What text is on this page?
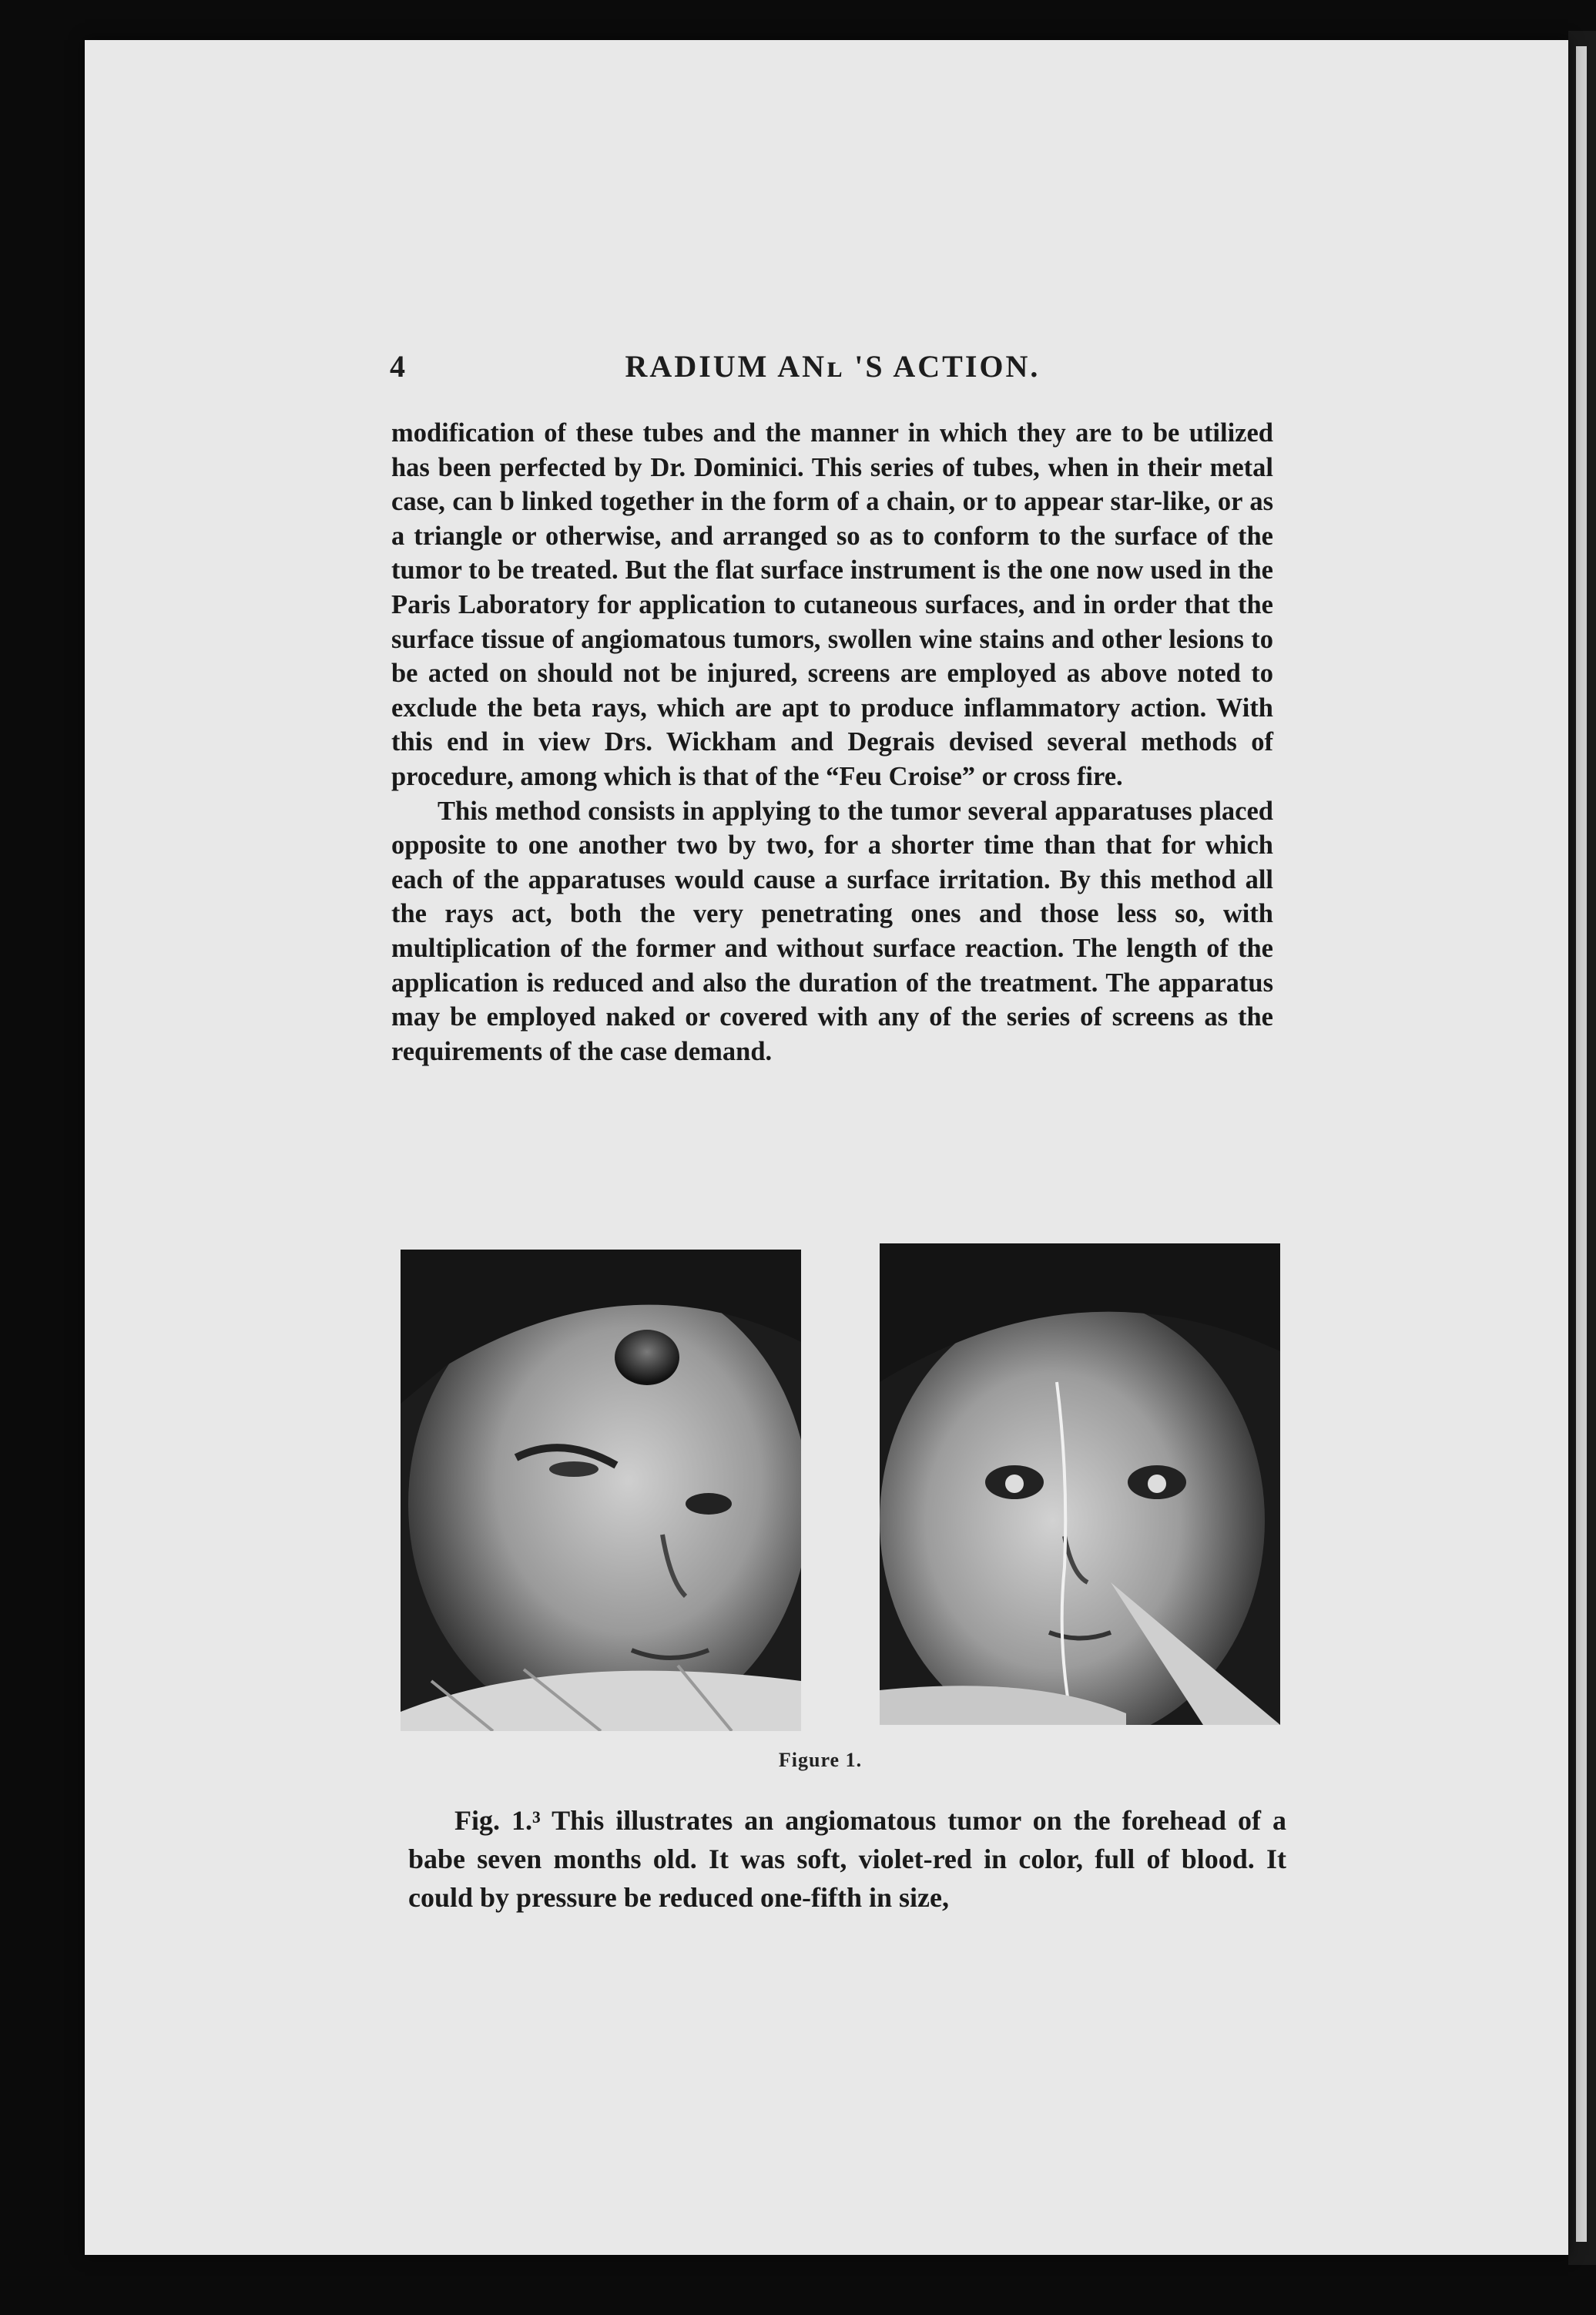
4	RADIUM ANʟ 'S ACTION.

modification of these tubes and the manner in which they are to be utilized has been perfected by Dr. Dominici. This series of tubes, when in their metal case, can b linked together in the form of a chain, or to appear star-like, or as a triangle or otherwise, and arranged so as to conform to the surface of the tumor to be treated. But the flat surface instrument is the one now used in the Paris Laboratory for application to cutaneous surfaces, and in order that the surface tissue of angiomatous tumors, swollen wine stains and other lesions to be acted on should not be injured, screens are employed as above noted to exclude the beta rays, which are apt to produce inflammatory action. With this end in view Drs. Wickham and Degrais devised several methods of procedure, among which is that of the “Feu Croise” or cross fire.

This method consists in applying to the tumor several apparatuses placed opposite to one another two by two, for a shorter time than that for which each of the apparatuses would cause a surface irritation. By this method all the rays act, both the very penetrating ones and those less so, with multiplication of the former and without surface reaction. The length of the application is reduced and also the duration of the treatment. The apparatus may be employed naked or covered with any of the series of screens as the requirements of the case demand.

Figure 1.

Fig. 1.³ This illustrates an angiomatous tumor on the forehead of a babe seven months old. It was soft, violet-red in color, full of blood. It could by pressure be reduced one-fifth in size,
